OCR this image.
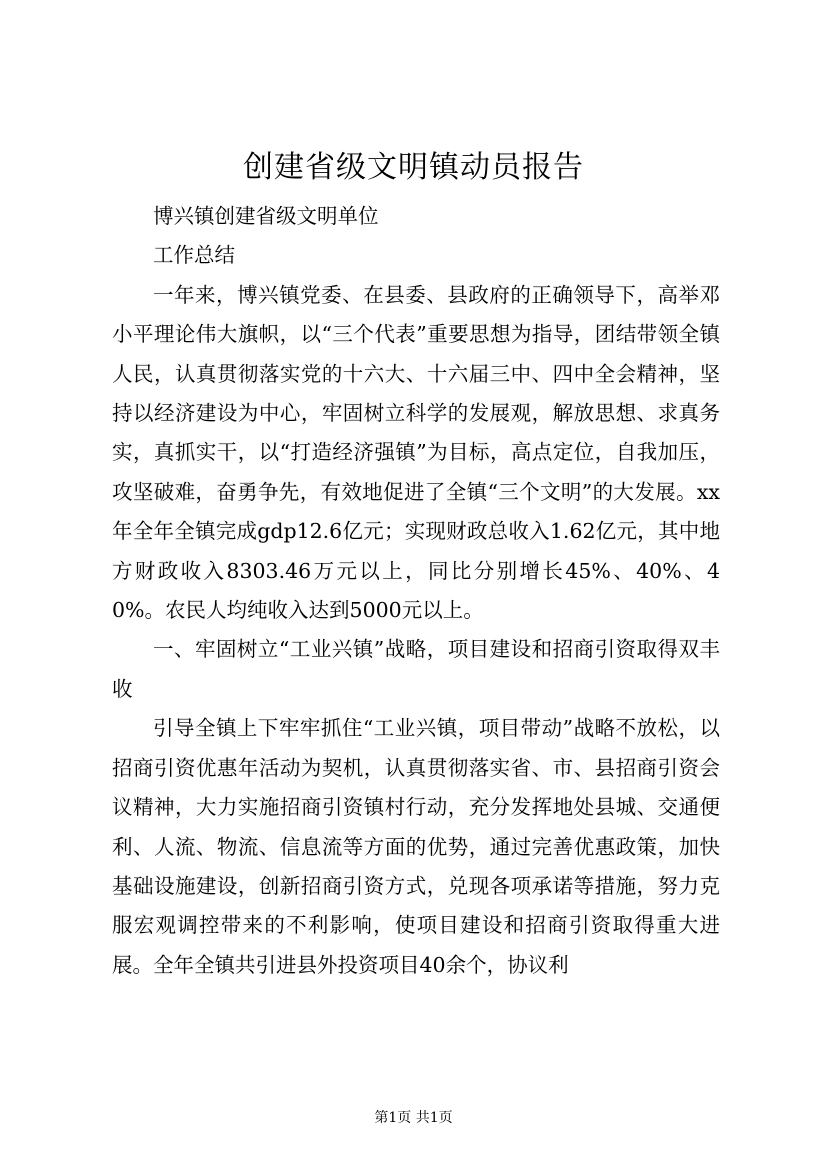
创建省级文明镇动员报告

博兴镇创建省级文明单位

工作总结

一年来，博兴镇党委、在县委、县政府的正确领导下，高举邓小平理论伟大旗帜，以“三个代表”重要思想为指导，团结带领全镇人民，认真贯彻落实党的十六大、十六届三中、四中全会精神，坚持以经济建设为中心，牢固树立科学的发展观，解放思想、求真务实，真抓实干，以“打造经济强镇”为目标，高点定位，自我加压，攻坚破难，奋勇争先，有效地促进了全镇“三个文明”的大发展。xx年全年全镇完成gdp12.6亿元；实现财政总收入1.62亿元，其中地方财政收入8303.46万元以上，同比分别增长45%、40%、40%。农民人均纯收入达到5000元以上。

一、牢固树立“工业兴镇”战略，项目建设和招商引资取得双丰收

引导全镇上下牢牢抓住“工业兴镇，项目带动”战略不放松，以招商引资优惠年活动为契机，认真贯彻落实省、市、县招商引资会议精神，大力实施招商引资镇村行动，充分发挥地处县城、交通便利、人流、物流、信息流等方面的优势，通过完善优惠政策，加快基础设施建设，创新招商引资方式，兑现各项承诺等措施，努力克服宏观调控带来的不利影响，使项目建设和招商引资取得重大进展。全年全镇共引进县外投资项目40余个，协议利

第1页 共1页
